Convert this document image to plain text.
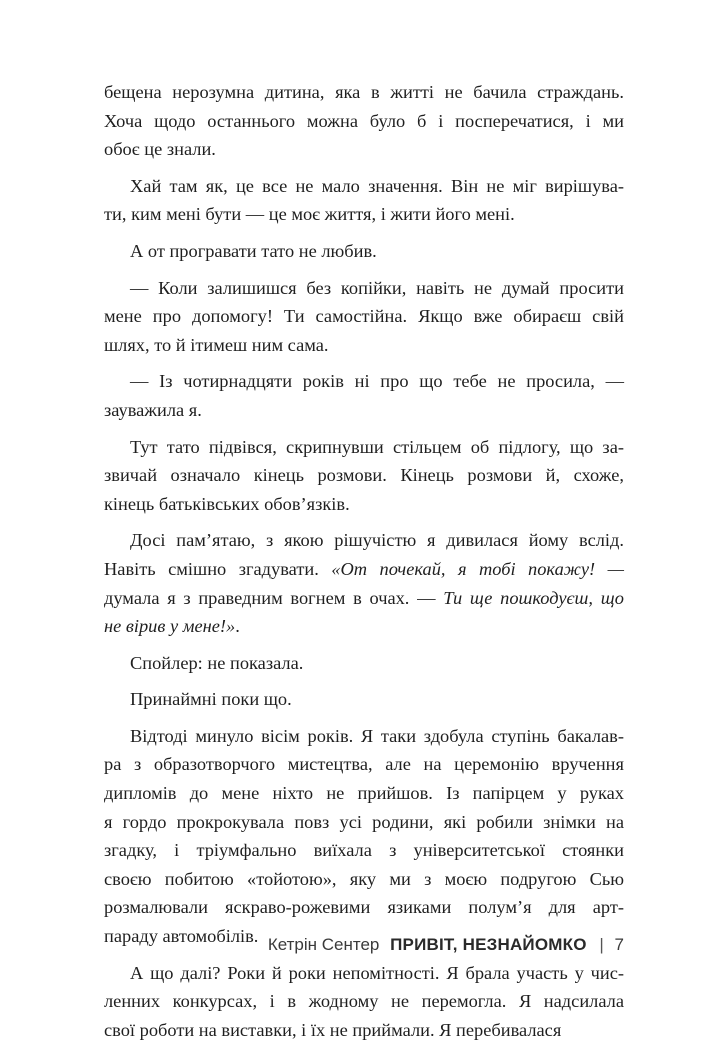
бещена нерозумна дитина, яка в житті не бачила страждань.
Хоча щодо останнього можна було б і посперечатися, і ми
обоє це знали.
Хай там як, це все не мало значення. Він не міг вирішува-
ти, ким мені бути — це моє життя, і жити його мені.
А от програвати тато не любив.
— Коли залишишся без копійки, навіть не думай просити
мене про допомогу! Ти самостійна. Якщо вже обираєш свій
шлях, то й ітимеш ним сама.
— Із чотирнадцяти років ні про що тебе не просила, —
зауважила я.
Тут тато підвівся, скрипнувши стільцем об підлогу, що за-
звичай означало кінець розмови. Кінець розмови й, схоже,
кінець батьківських обов’язків.
Досі пам’ятаю, з якою рішучістю я дивилася йому вслід.
Навіть смішно згадувати. «От почекай, я тобі покажу! —
думала я з праведним вогнем в очах. — Ти ще пошкодуєш, що
не вірив у мене!».
Спойлер: не показала.
Принаймні поки що.
Відтоді минуло вісім років. Я таки здобула ступінь бакалав-
ра з образотворчого мистецтва, але на церемонію вручення
дипломів до мене ніхто не прийшов. Із папірцем у руках
я гордо прокрокувала повз усі родини, які робили знімки на
згадку, і тріумфально виїхала з університетської стоянки
своєю побитою «тойотою», яку ми з моєю подругою Сью
розмалювали яскраво-рожевими язиками полум’я для арт-
параду автомобілів.
А що далі? Роки й роки непомітності. Я брала участь у чис-
ленних конкурсах, і в жодному не перемогла. Я надсилала
свої роботи на виставки, і їх не приймали. Я перебивалася
Кетрін Сентер ПРИВІТ, НЕЗНАЙОМКО | 7
